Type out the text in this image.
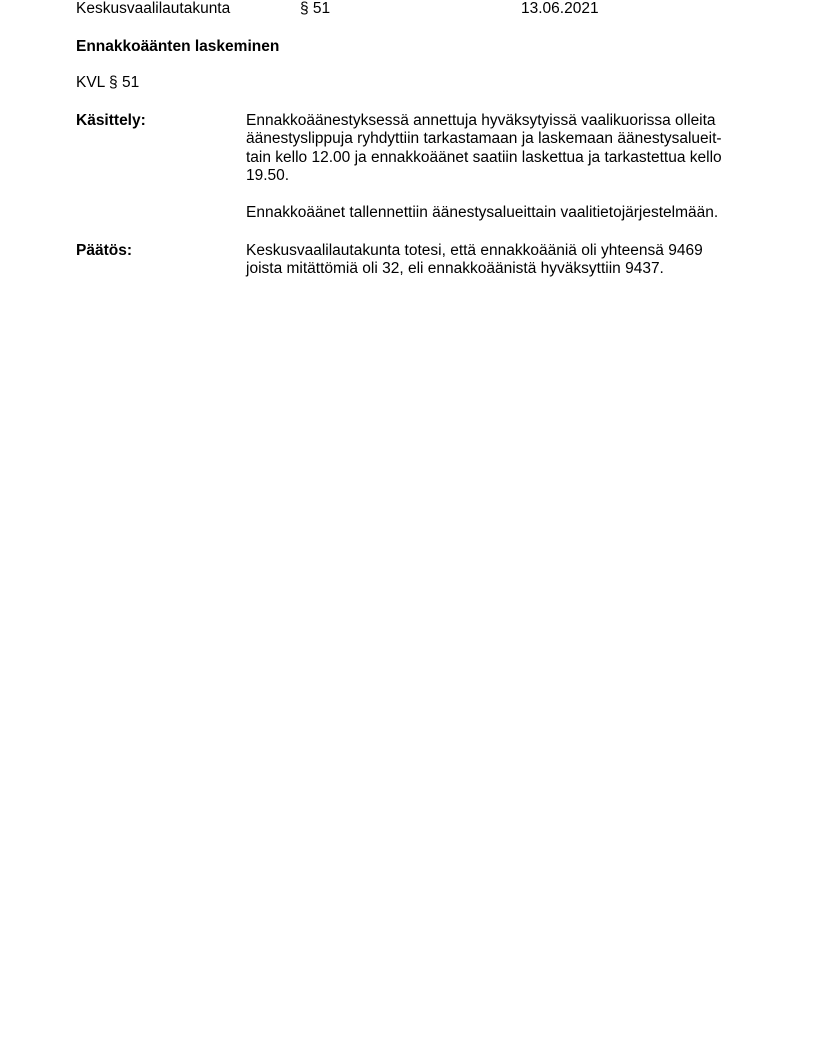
Keskusvaalilautakunta	§ 51	13.06.2021
Ennakkoäänten laskeminen
KVL § 51
Käsittely:	Ennakkoäänestyksessä annettuja hyväksytyissä vaalikuorissa olleita
äänestyslippuja ryhdyttiin tarkastamaan ja laskemaan äänestysalueit-
tain kello 12.00 ja ennakkoäänet saatiin laskettua ja tarkastettua kello
19.50.

Ennakkoäänet tallennettiin äänestysalueittain vaalitietojärjestelmään.

Päätös:	Keskusvaalilautakunta totesi, että ennakkoääniä oli yhteensä 9469
joista mitättömiä oli 32, eli ennakkoäänistä hyväksyttiin 9437.
